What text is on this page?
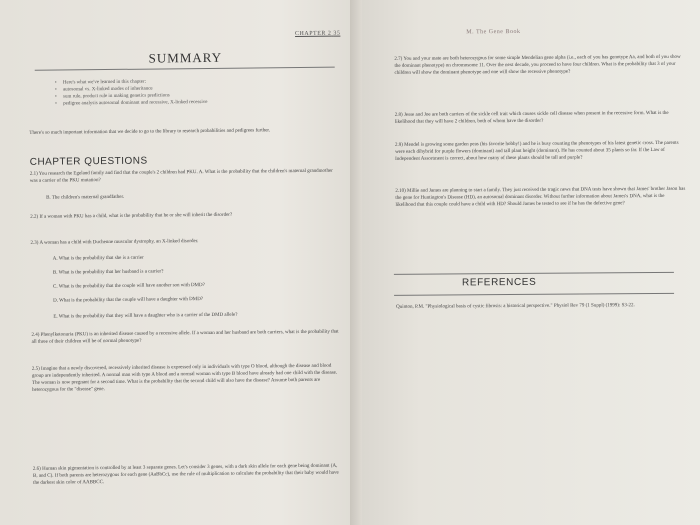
CHAPTER 2 35
SUMMARY
•	Here's what we've learned in this chapter:
•	autosomal vs. X-linked modes of inheritance
•	sum rule, product rule in making genetics predictions
•	pedigree analysis autosomal dominant and recessive, X-linked recessive
There's so much important information that we decide to go to the library to research probabilities and pedigrees further.
CHAPTER QUESTIONS
2.1) You research the Egeland family and find that the couple's 2 children had PKU. A. What is the probability that the children's maternal grandmother was a carrier of the PKU mutation?
B. The children's maternal grandfather.
2.2) If a woman with PKU has a child, what is the probability that he or she will inherit the disorder?
2.3) A woman has a child with Duchenne muscular dystrophy, an X-linked disorder.
A. What is the probability that she is a carrier
B. What is the probability that her husband is a carrier?
C. What is the probability that the couple will have another son with DMD?
D. What is the probability that the couple will have a daughter with DMD?
E. What is the probability that they will have a daughter who is a carrier of the DMD allele?
2.4) Phenylketonuria (PKU) is an inherited disease caused by a recessive allele. If a woman and her husband are both carriers, what is the probability that all three of their children will be of normal phenotype?
2.5) Imagine that a newly discovered, recessively inherited disease is expressed only in individuals with type O blood, although the disease and blood group are independently inherited. A normal man with type A blood and a normal woman with type B blood have already had one child with the disease. The woman is now pregnant for a second time. What is the probability that the second child will also have the disease? Assume both parents are heterozygous for the "disease" gene.
2.6) Human skin pigmentation is controlled by at least 3 separate genes. Let's consider 3 genes, with a dark skin allele for each gene being dominant (A, B, and C). If both parents are heterozygous for each gene (AaBbCc), use the rule of multiplication to calculate the probability that their baby would have the darkest skin color of AABBCC.
M. The Gene Book
2.7) You and your mate are both heterozygous for some simple Mendelian gene alpha (i.e., each of you has genotype Aa, and both of you show the dominant phenotype) on chromosome 11. Over the next decade, you proceed to have four children. What is the probability that 3 of your children will show the dominant phenotype and one will show the recessive phenotype?
2.8) Jesse and Joe are both carriers of the sickle cell trait which causes sickle cell disease when present in the recessive form. What is the likelihood that they will have 2 children, both of whom have the disorder?
2.9) Mendel is growing some garden peas (his favorite hobby!) and he is busy counting the phenotypes of his latest genetic cross. The parents were each dihybrid for purple flowers (dominant) and tall plant height (dominant). He has counted about 35 plants so far. If the Law of Independent Assortment is correct, about how many of these plants should be tall and purple?
2.10) Millie and James are planning to start a family. They just received the tragic news that DNA tests have shown that James' brother Jason has the gene for Huntington's Disease (HD), an autosomal dominant disorder. Without further information about James's DNA, what is the likelihood that this couple could have a child with HD? Should James be tested to see if he has the defective gene?
REFERENCES
Quinton, P.M. "Physiological basis of cystic fibrosis: a historical perspective." Physiol Rev 79 (1 Suppl) (1999): S3-22.
